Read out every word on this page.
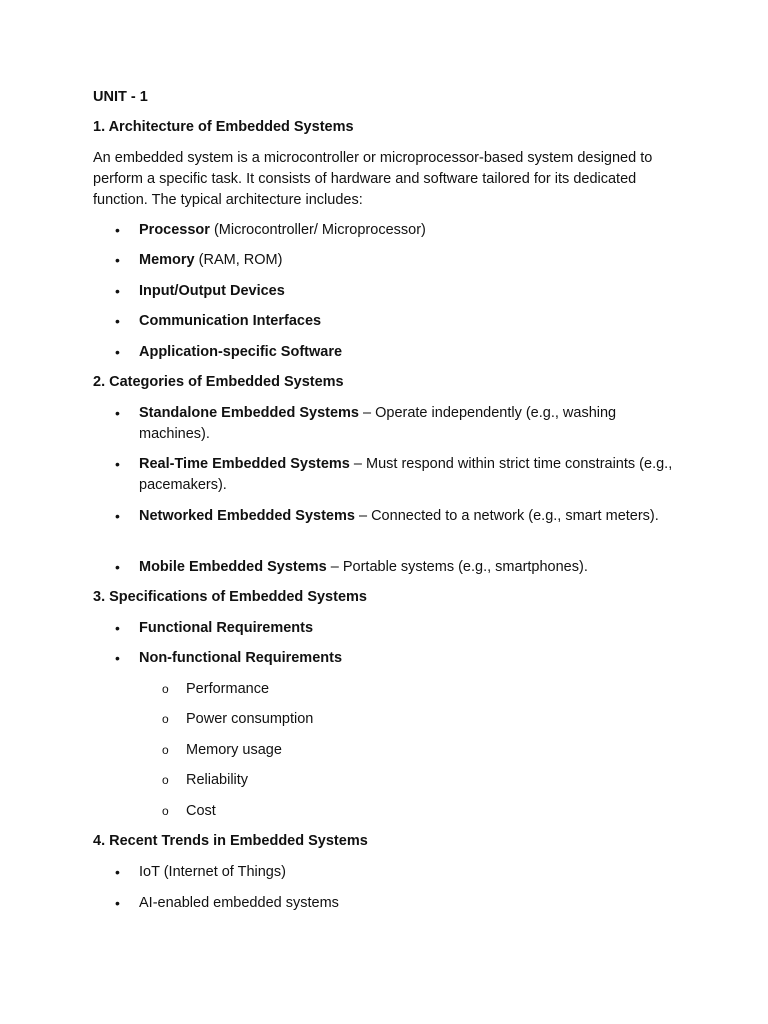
UNIT - 1
1. Architecture of Embedded Systems
An embedded system is a microcontroller or microprocessor-based system designed to perform a specific task. It consists of hardware and software tailored for its dedicated function. The typical architecture includes:
• Processor (Microcontroller/ Microprocessor)
• Memory (RAM, ROM)
• Input/Output Devices
• Communication Interfaces
• Application-specific Software
2. Categories of Embedded Systems
• Standalone Embedded Systems – Operate independently (e.g., washing machines).
• Real-Time Embedded Systems – Must respond within strict time constraints (e.g., pacemakers).
• Networked Embedded Systems – Connected to a network (e.g., smart meters).
• Mobile Embedded Systems – Portable systems (e.g., smartphones).
3. Specifications of Embedded Systems
• Functional Requirements
• Non-functional Requirements
o Performance
o Power consumption
o Memory usage
o Reliability
o Cost
4. Recent Trends in Embedded Systems
• IoT (Internet of Things)
• AI-enabled embedded systems
